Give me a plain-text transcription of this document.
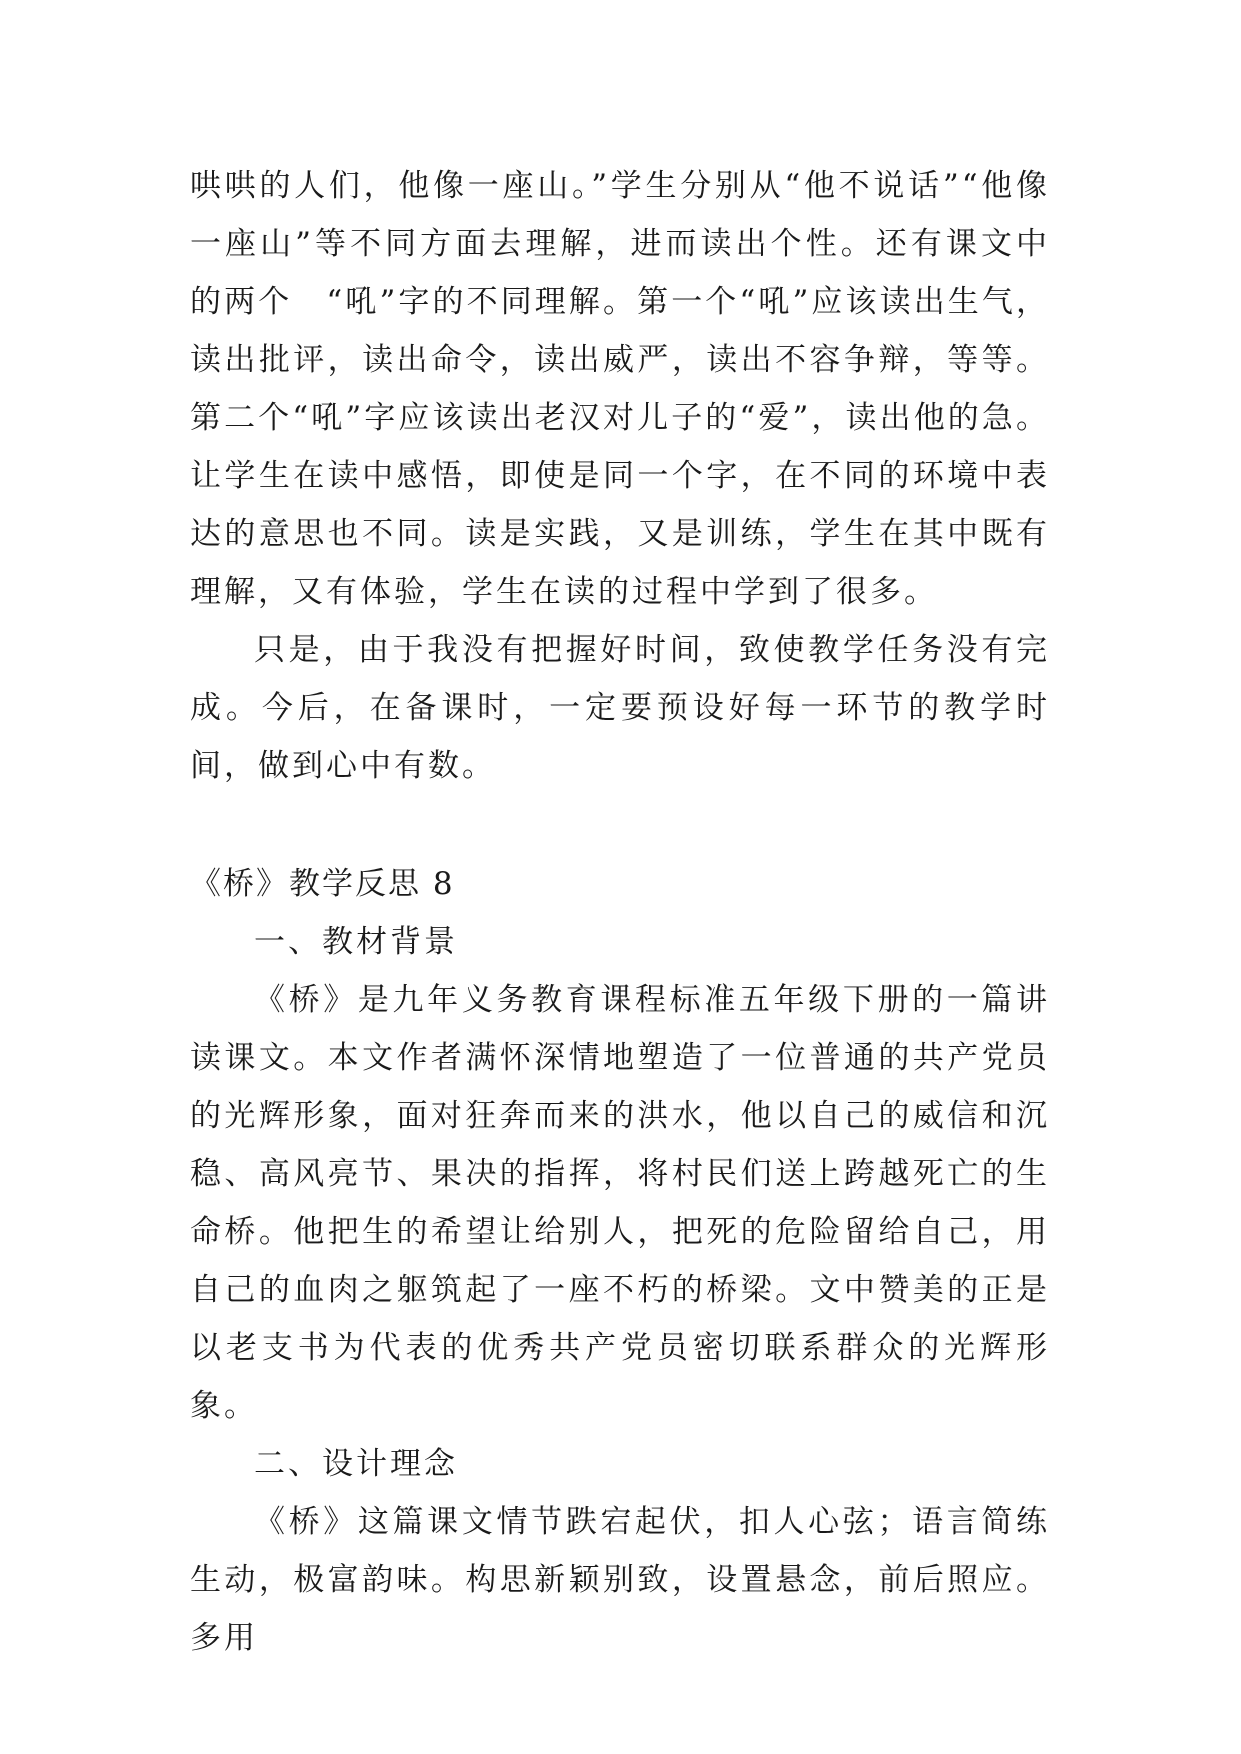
哄哄的人们，他像一座山。”学生分别从“他不说话”“他像一座山”等不同方面去理解，进而读出个性。还有课文中的两个　“吼”字的不同理解。第一个“吼”应该读出生气，读出批评，读出命令，读出威严，读出不容争辩，等等。第二个“吼”字应该读出老汉对儿子的“爱”，读出他的急。让学生在读中感悟，即使是同一个字，在不同的环境中表达的意思也不同。读是实践，又是训练，学生在其中既有理解，又有体验，学生在读的过程中学到了很多。

只是，由于我没有把握好时间，致使教学任务没有完成。今后，在备课时，一定要预设好每一环节的教学时间，做到心中有数。

《桥》教学反思 8

一、教材背景

《桥》是九年义务教育课程标准五年级下册的一篇讲读课文。本文作者满怀深情地塑造了一位普通的共产党员的光辉形象，面对狂奔而来的洪水，他以自己的威信和沉稳、高风亮节、果决的指挥，将村民们送上跨越死亡的生命桥。他把生的希望让给别人，把死的危险留给自己，用自己的血肉之躯筑起了一座不朽的桥梁。文中赞美的正是以老支书为代表的优秀共产党员密切联系群众的光辉形象。

二、设计理念

《桥》这篇课文情节跌宕起伏，扣人心弦；语言简练生动，极富韵味。构思新颖别致，设置悬念，前后照应。多用
